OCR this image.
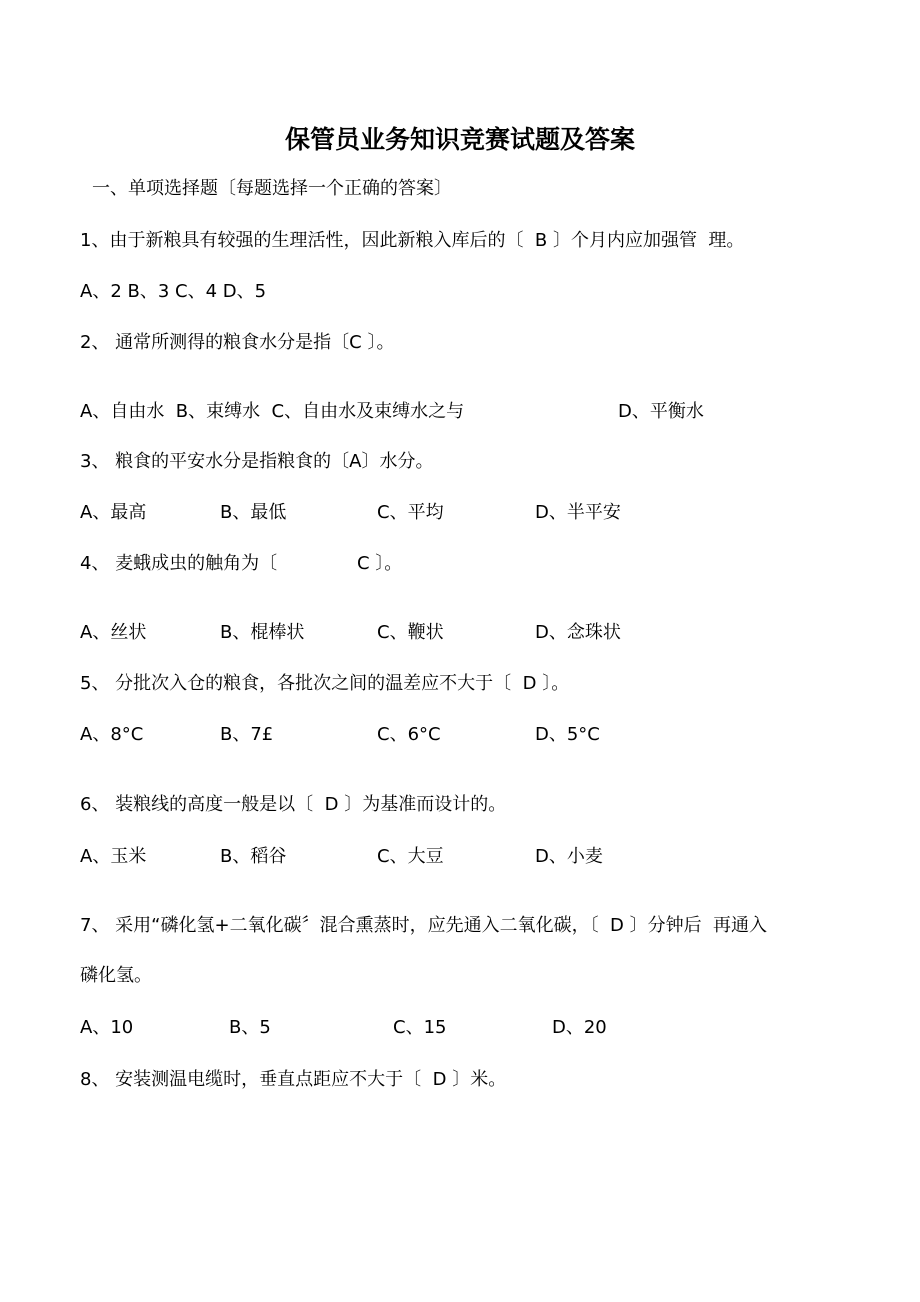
保管员业务知识竞赛试题及答案
一、单项选择题〔每题选择一个正确的答案〕
1、由于新粮具有较强的生理活性，因此新粮入库后的〔  B 〕个月内应加强管  理。
A、2 B、3 C、4 D、5
2、 通常所测得的粮食水分是指〔C 〕。
A、自由水  B、束缚水  C、自由水及束缚水之与	D、平衡水
3、 粮食的平安水分是指粮食的〔A〕水分。
A、最高	B、最低	C、平均	D、半平安
4、 麦蛾成虫的触角为〔	C 〕。
A、丝状	B、棍棒状	C、鞭状	D、念珠状
5、 分批次入仓的粮食，各批次之间的温差应不大于〔  D 〕。
A、8°C	B、7£	C、6°C	D、5°C
6、 装粮线的高度一般是以〔  D 〕为基准而设计的。
A、玉米	B、稻谷	C、大豆	D、小麦
7、 采用“磷化氢+二氧化碳〞混合熏蒸时，应先通入二氧化碳，〔  D 〕分钟后  再通入
磷化氢。
A、10	B、5	C、15	D、20
8、 安装测温电缆时，垂直点距应不大于〔  D 〕米。
